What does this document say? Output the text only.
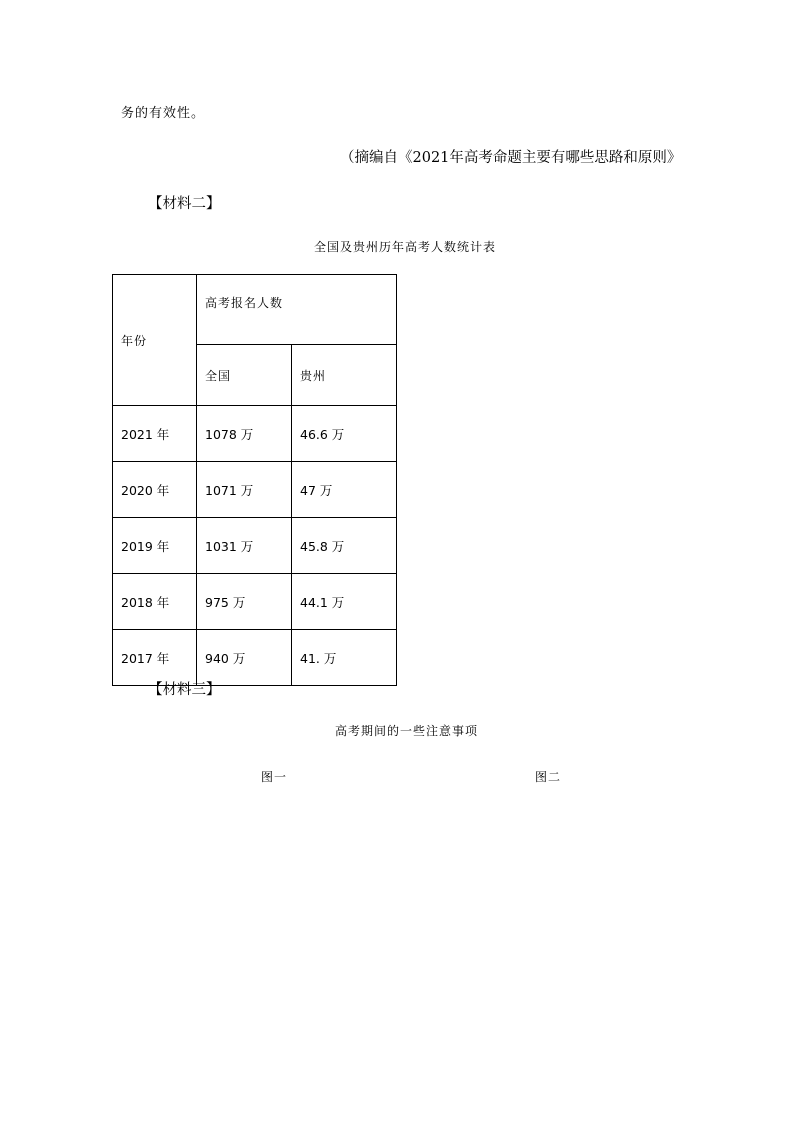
务的有效性。
（摘编自《2021年高考命题主要有哪些思路和原则》
【材料二】
全国及贵州历年高考人数统计表
年份	高考报名人数	
	全国	贵州
2021 年	1078 万	46.6 万
2020 年	1071 万	47 万
2019 年	1031 万	45.8 万
2018 年	975 万	44.1 万
2017 年	940 万	41. 万
【材料三】
高考期间的一些注意事项
图一	图二
